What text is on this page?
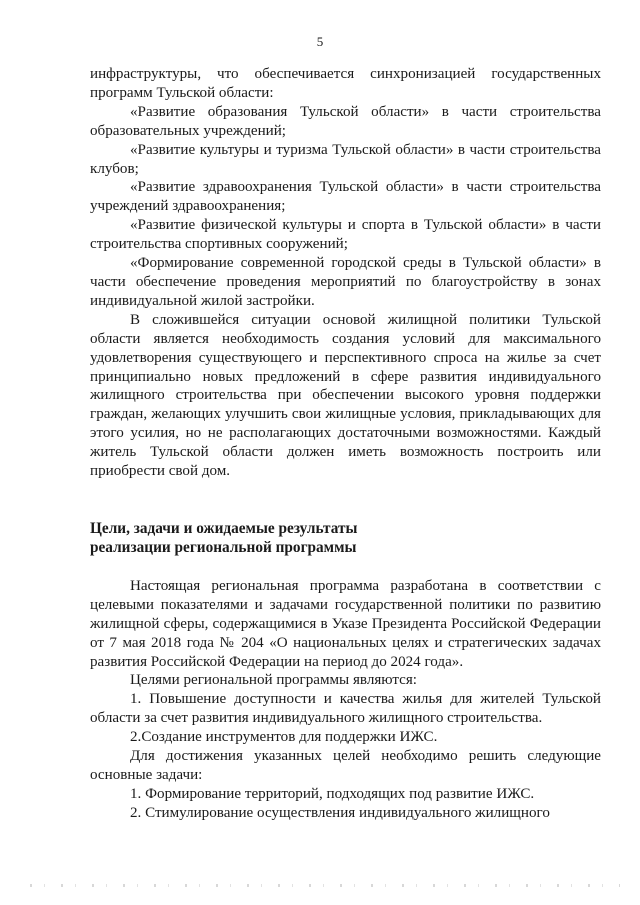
5

инфраструктуры, что обеспечивается синхронизацией государственных программ Тульской области:

«Развитие образования Тульской области» в части строительства образовательных учреждений;

«Развитие культуры и туризма Тульской области» в части строительства клубов;

«Развитие здравоохранения Тульской области» в части строительства учреждений здравоохранения;

«Развитие физической культуры и спорта в Тульской области» в части строительства спортивных сооружений;

«Формирование современной городской среды в Тульской области» в части обеспечение проведения мероприятий по благоустройству в зонах индивидуальной жилой застройки.

В сложившейся ситуации основой жилищной политики Тульской области является необходимость создания условий для максимального удовлетворения существующего и перспективного спроса на жилье за счет принципиально новых предложений в сфере развития индивидуального жилищного строительства при обеспечении высокого уровня поддержки граждан, желающих улучшить свои жилищные условия, прикладывающих для этого усилия, но не располагающих достаточными возможностями. Каждый житель Тульской области должен иметь возможность построить или приобрести свой дом.

Цели, задачи и ожидаемые результаты

реализации региональной программы

Настоящая региональная программа разработана в соответствии с целевыми показателями и задачами государственной политики по развитию жилищной сферы, содержащимися в Указе Президента Российской Федерации от 7 мая 2018 года № 204 «О национальных целях и стратегических задачах развития Российской Федерации на период до 2024 года».

Целями региональной программы являются:

1. Повышение доступности и качества жилья для жителей Тульской области за счет развития индивидуального жилищного строительства.

2.Создание инструментов для поддержки ИЖС.

Для достижения указанных целей необходимо решить следующие основные задачи:

1. Формирование территорий, подходящих под развитие ИЖС.

2. Стимулирование осуществления индивидуального жилищного
